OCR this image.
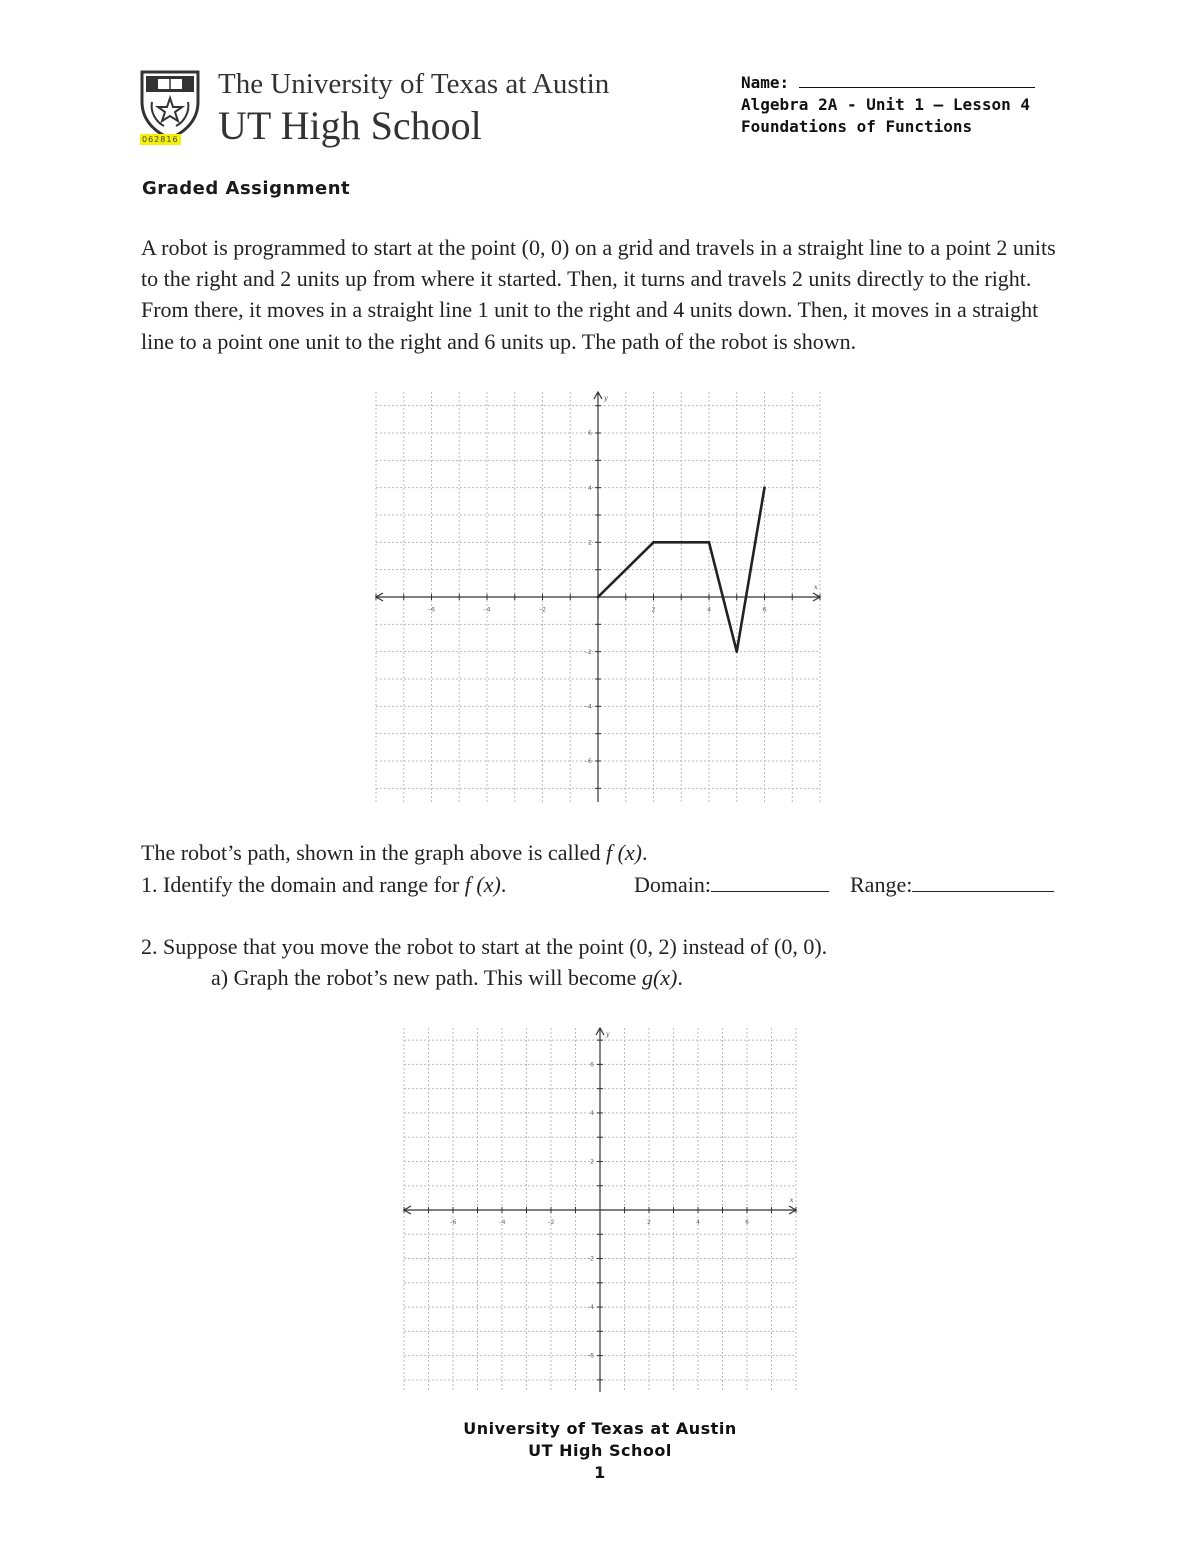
062816
The University of Texas at Austin
UT High School
Name:
Algebra 2A - Unit 1 – Lesson 4
Foundations of Functions
Graded Assignment
A robot is programmed to start at the point (0, 0) on a grid and travels in a straight line to a point 2 units to the right and 2 units up from where it started. Then, it turns and travels 2 units directly to the right. From there, it moves in a straight line 1 unit to the right and 4 units down. Then, it moves in a straight line to a point one unit to the right and 6 units up. The path of the robot is shown.
–6	–4	–2	2	4	6
6
4
2
–2
–4
–6
x
y
The robot’s path, shown in the graph above is called f (x).
1. Identify the domain and range for f (x).	Domain:	Range:
2. Suppose that you move the robot to start at the point (0, 2) instead of (0, 0).
a) Graph the robot’s new path. This will become g(x).
–6	–4	–2	2	4	6
6
4
2
–2
–4
–6
x
y
University of Texas at Austin
UT High School
1
